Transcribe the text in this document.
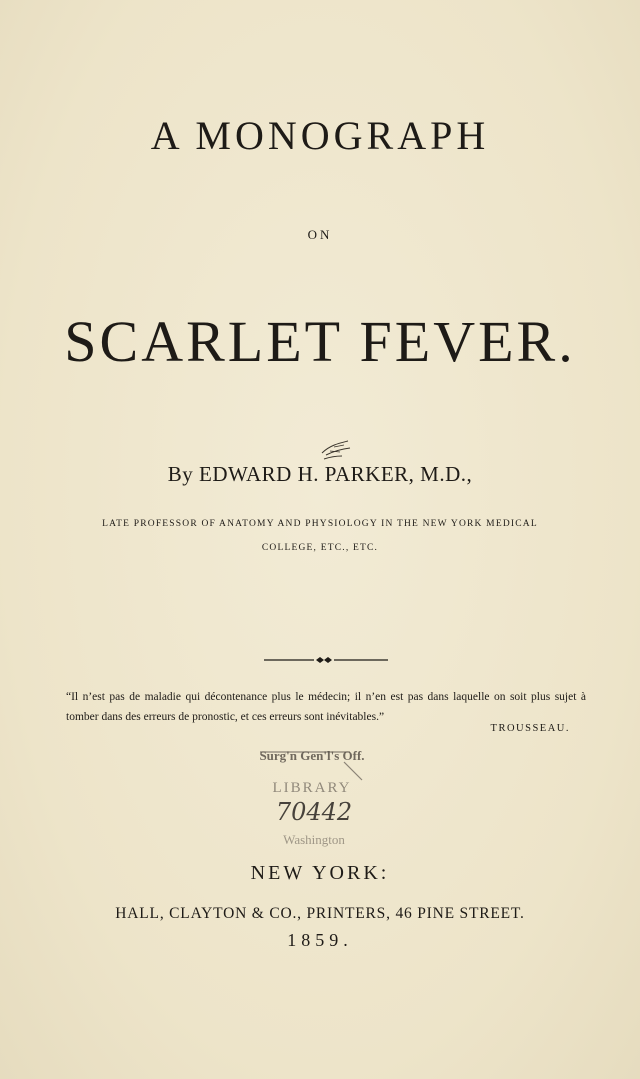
A MONOGRAPH
ON
SCARLET FEVER.
By EDWARD H. PARKER, M.D.,
LATE PROFESSOR OF ANATOMY AND PHYSIOLOGY IN THE NEW YORK MEDICAL
COLLEGE, ETC., ETC.
“Il n’est pas de maladie qui décontenance plus le médecin; il n’en est pas dans laquelle on soit plus sujet à tomber dans des erreurs de pronostic, et ces erreurs sont inévitables.”
TROUSSEAU.
Surg'n Gen'l's Off.
LIBRARY
70442
Washington
NEW YORK:
HALL, CLAYTON & CO., PRINTERS, 46 PINE STREET.
1859.
